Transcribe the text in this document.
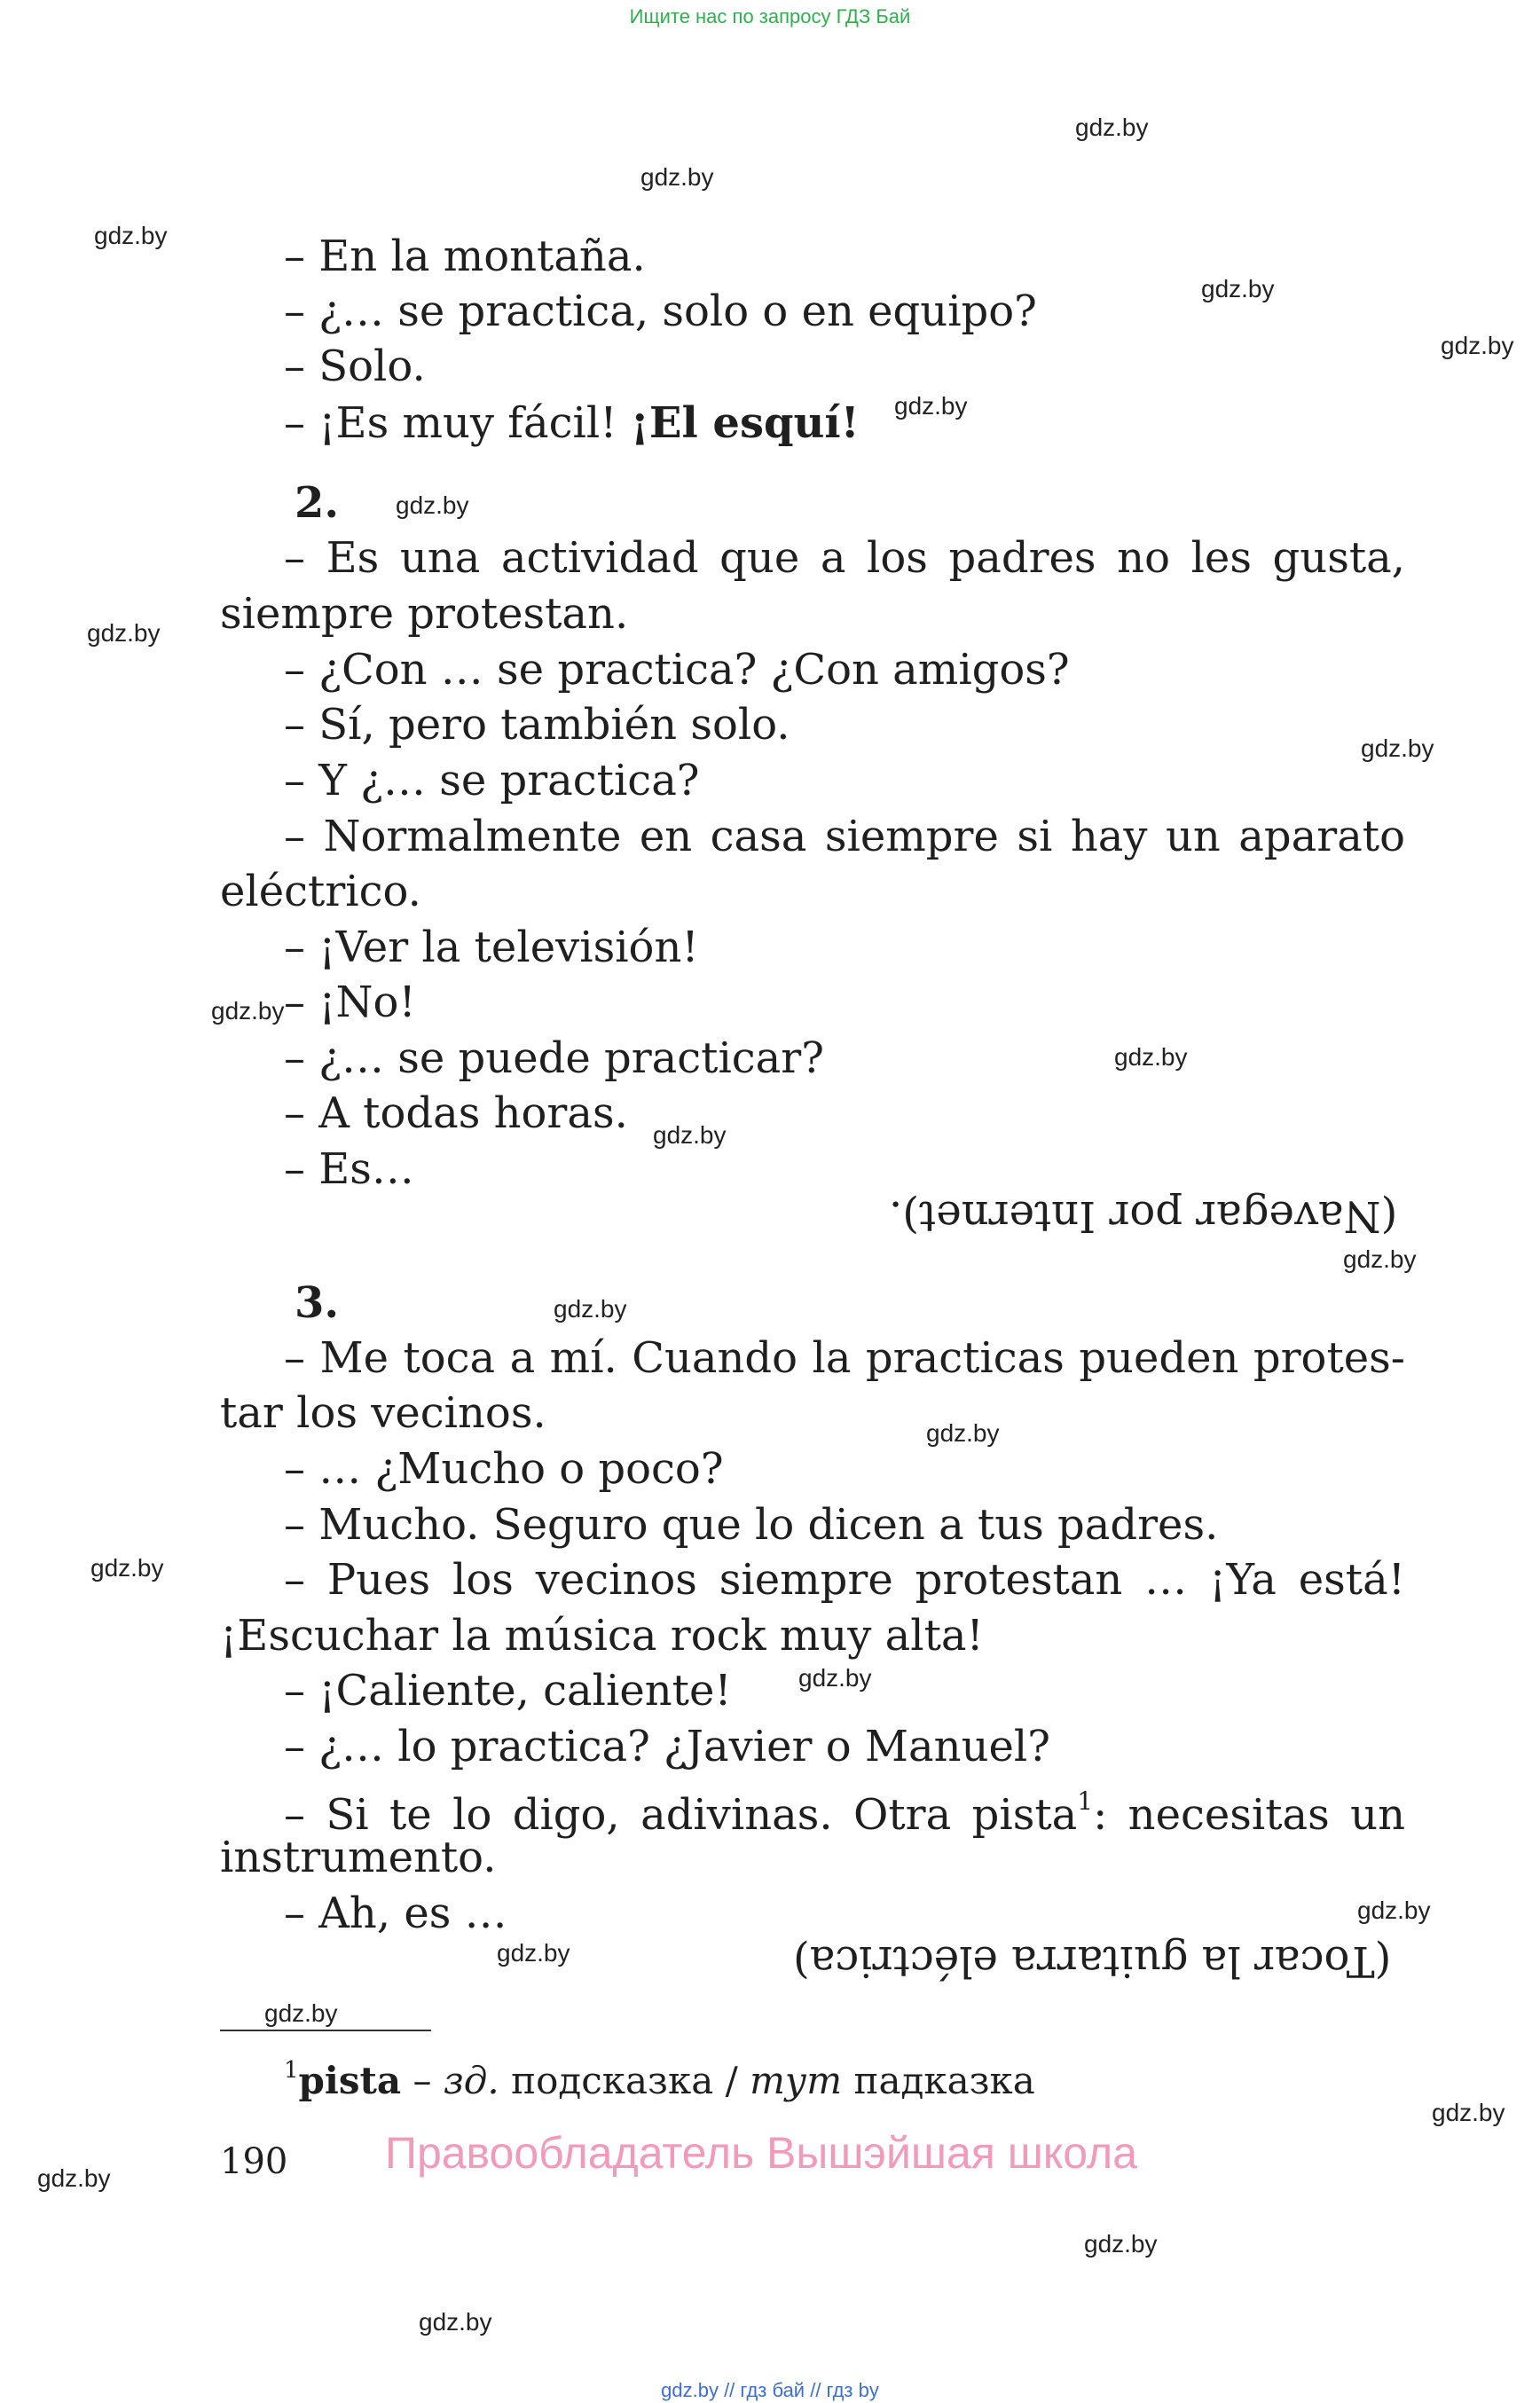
Ищите нас по запросу ГДЗ Бай
– En la montaña.
– ¿… se practica, solo o en equipo?
– Solo.
– ¡Es muy fácil! ¡El esquí!
2.
– Es una actividad que a los padres no les gusta,
siempre protestan.
– ¿Con … se practica? ¿Con amigos?
– Sí, pero también solo.
– Y ¿… se practica?
– Normalmente en casa siempre si hay un aparato
eléctrico.
– ¡Ver la televisión!
– ¡No!
– ¿… se puede practicar?
– A todas horas.
– Es…
(Navegar por Internet).
3.
– Me toca a mí. Cuando la practicas pueden protes-
tar los vecinos.
– … ¿Mucho o poco?
– Mucho. Seguro que lo dicen a tus padres.
– Pues los vecinos siempre protestan … ¡Ya está!
¡Escuchar la música rock muy alta!
– ¡Caliente, caliente!
– ¿… lo practica? ¿Javier o Manuel?
– Si te lo digo, adivinas. Otra pista$^1$: necesitas un
instrumento.
– Ah, es …
(Tocar la guitarra eléctrica)
$^1$pista – зд. подсказка / тут падказка
190 Правообладатель Вышэйшая школа
gdz.by
gdz.by
gdz.by
gdz.by
gdz.by
gdz.by
gdz.by
gdz.by
gdz.by
gdz.by
gdz.by
gdz.by
gdz.by
gdz.by
gdz.by
gdz.by
gdz.by
gdz.by
gdz.by
gdz.by
gdz.by
gdz.by
gdz.by
gdz.by
gdz.by // гдз бай // гдз by
